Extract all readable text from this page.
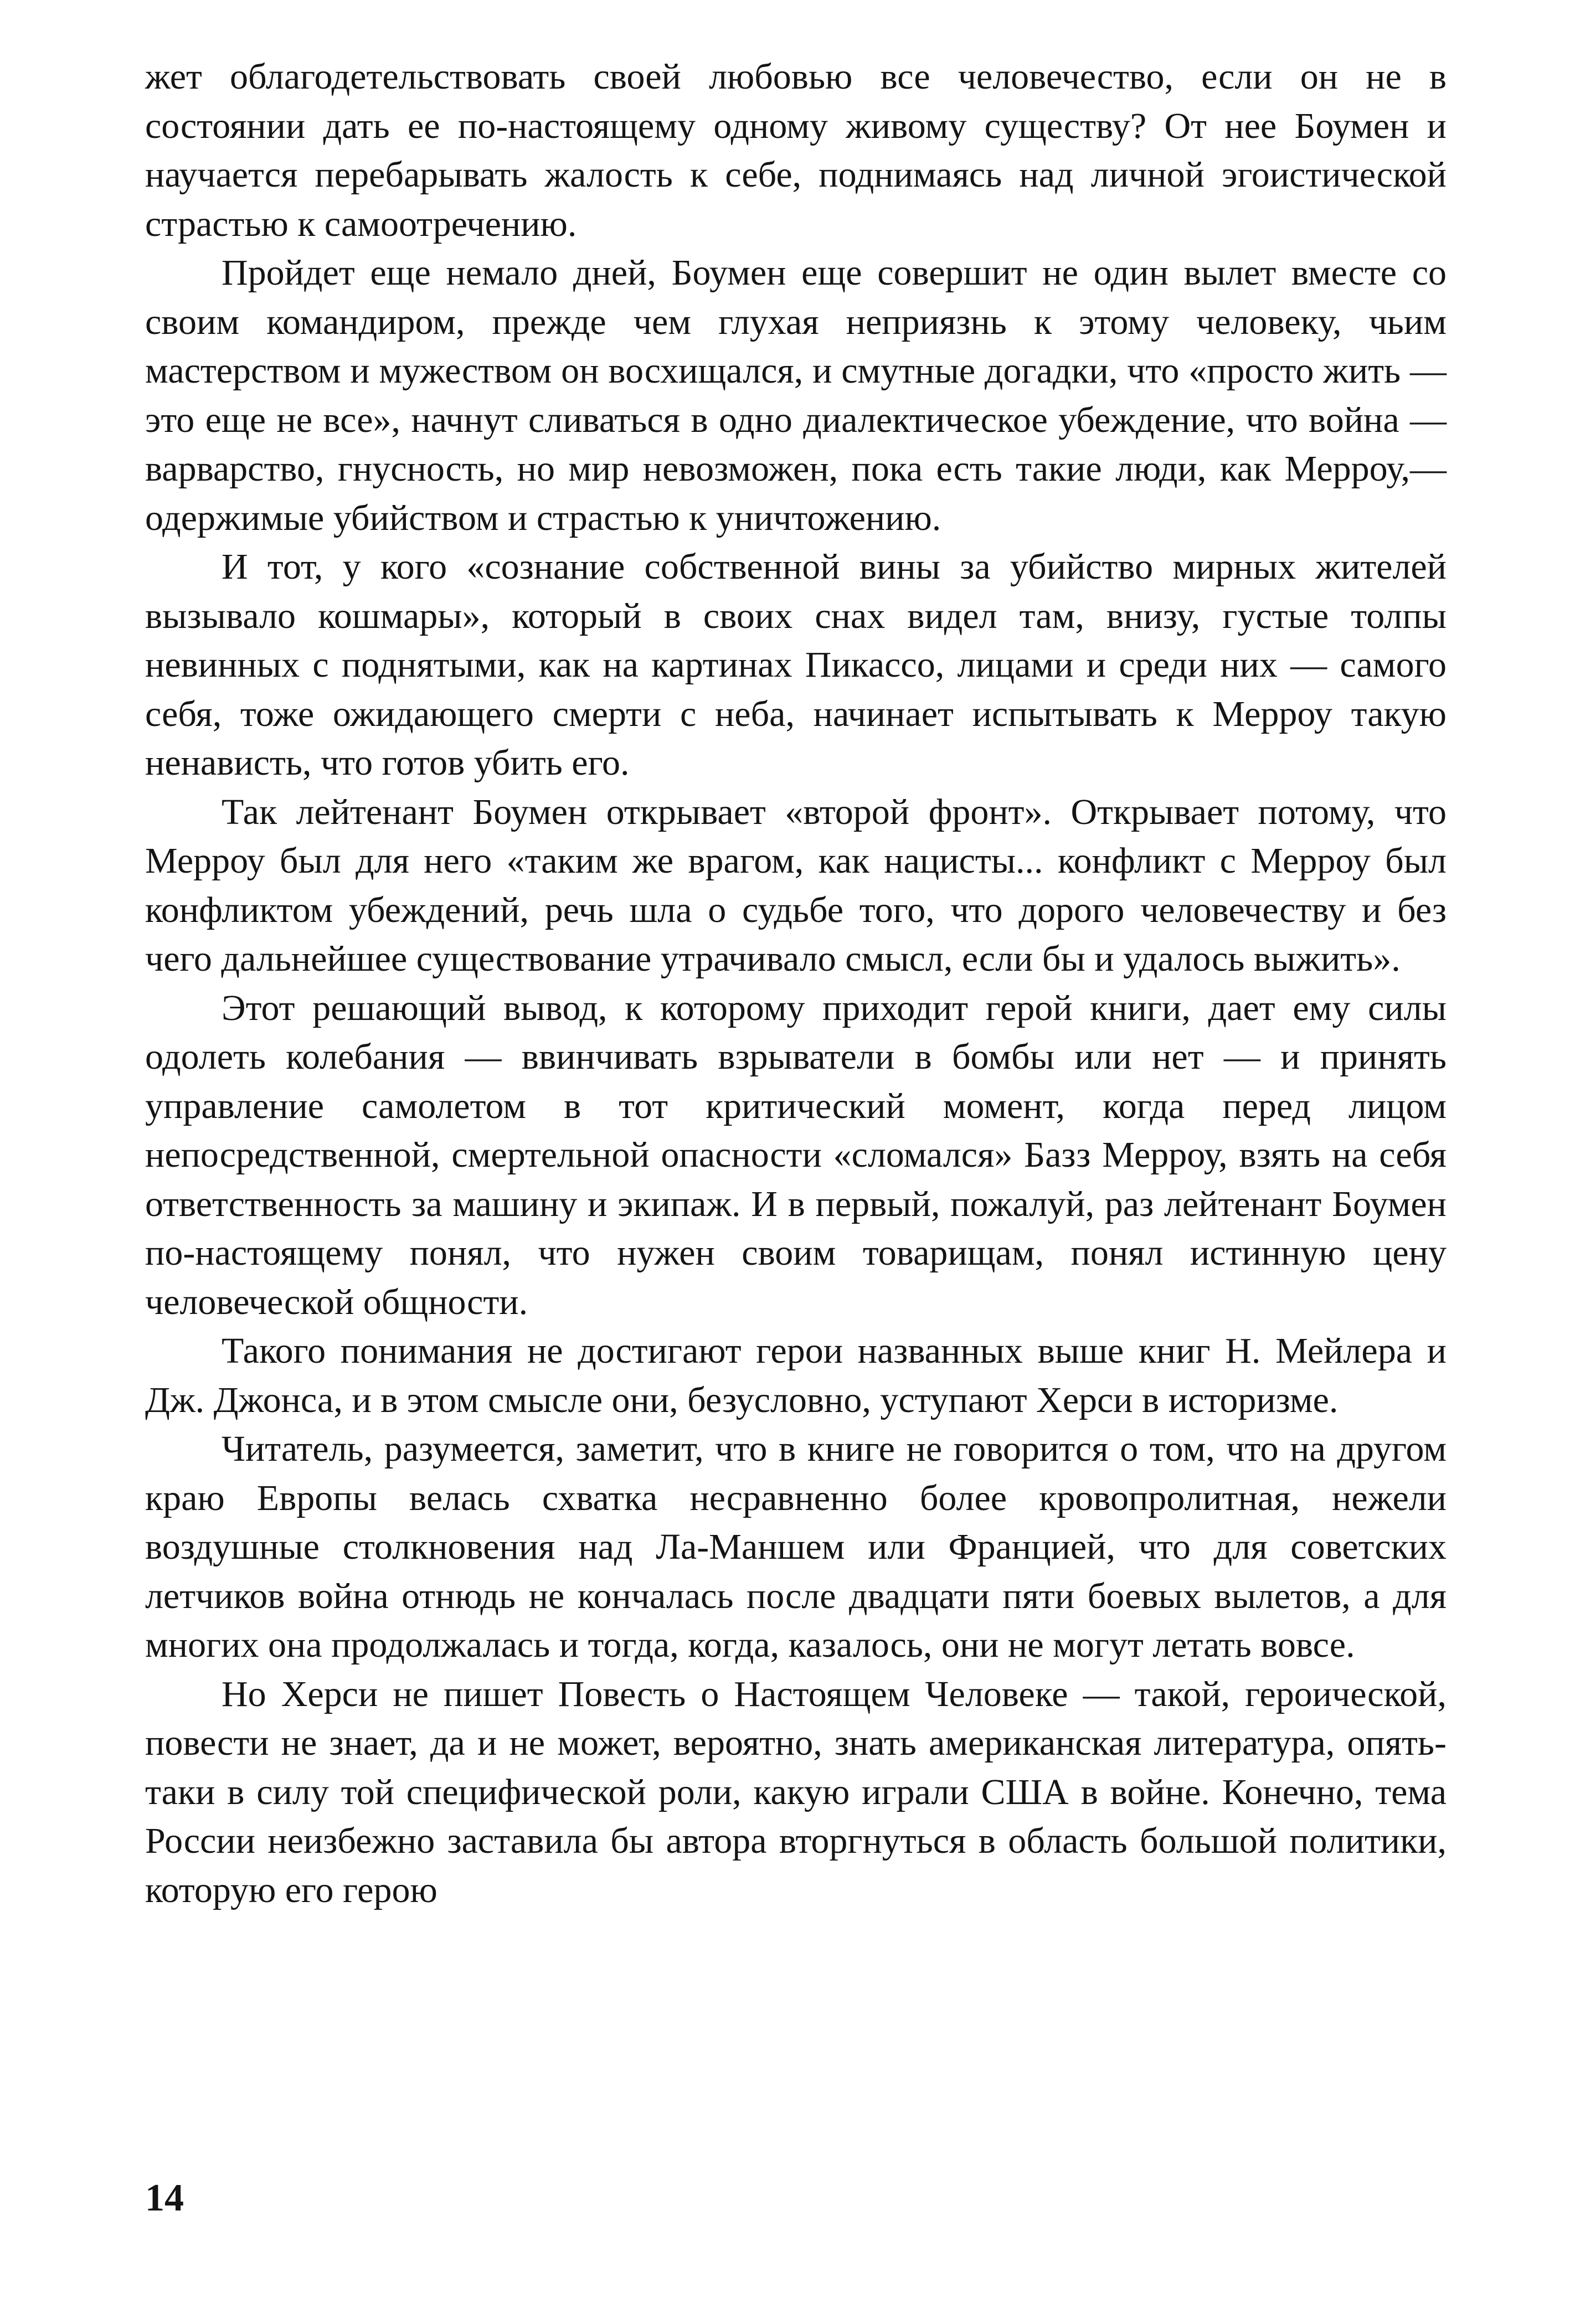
жет облагодетельствовать своей любовью все человечество, если он не в состоянии дать ее по-настоящему одному живому существу? От нее Боумен и научается перебарывать жалость к себе, поднимаясь над личной эгоистической страстью к самоотречению.

Пройдет еще немало дней, Боумен еще совершит не один вылет вместе со своим командиром, прежде чем глухая неприязнь к этому человеку, чьим мастерством и мужеством он восхищался, и смутные догадки, что «просто жить — это еще не все», начнут сливаться в одно диалектическое убеждение, что война — варварство, гнусность, но мир невозможен, пока есть такие люди, как Мерроу,— одержимые убийством и страстью к уничтожению.

И тот, у кого «сознание собственной вины за убийство мирных жителей вызывало кошмары», который в своих снах видел там, внизу, густые толпы невинных с поднятыми, как на картинах Пикассо, лицами и среди них — самого себя, тоже ожидающего смерти с неба, начинает испытывать к Мерроу такую ненависть, что готов убить его.

Так лейтенант Боумен открывает «второй фронт». Открывает потому, что Мерроу был для него «таким же врагом, как нацисты... конфликт с Мерроу был конфликтом убеждений, речь шла о судьбе того, что дорого человечеству и без чего дальнейшее существование утрачивало смысл, если бы и удалось выжить».

Этот решающий вывод, к которому приходит герой книги, дает ему силы одолеть колебания — ввинчивать взрыватели в бомбы или нет — и принять управление самолетом в тот критический момент, когда перед лицом непосредственной, смертельной опасности «сломался» Базз Мерроу, взять на себя ответственность за машину и экипаж. И в первый, пожалуй, раз лейтенант Боумен по-настоящему понял, что нужен своим товарищам, понял истинную цену человеческой общности.

Такого понимания не достигают герои названных выше книг Н. Мейлера и Дж. Джонса, и в этом смысле они, безусловно, уступают Херси в историзме.

Читатель, разумеется, заметит, что в книге не говорится о том, что на другом краю Европы велась схватка несравненно более кровопролитная, нежели воздушные столкновения над Ла-Маншем или Францией, что для советских летчиков война отнюдь не кончалась после двадцати пяти боевых вылетов, а для многих она продолжалась и тогда, когда, казалось, они не могут летать вовсе.

Но Херси не пишет Повесть о Настоящем Человеке — такой, героической, повести не знает, да и не может, вероятно, знать американская литература, опять-таки в силу той специфической роли, какую играли США в войне. Конечно, тема России неизбежно заставила бы автора вторгнуться в область большой политики, которую его герою

14
